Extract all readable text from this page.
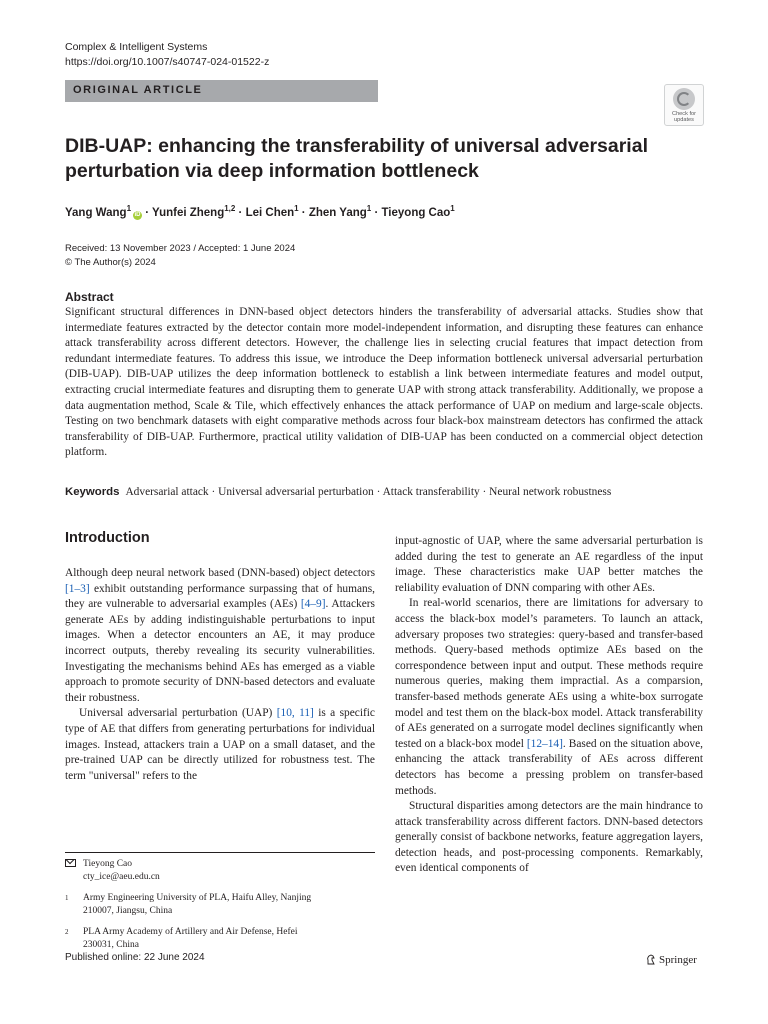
Complex & Intelligent Systems
https://doi.org/10.1007/s40747-024-01522-z
ORIGINAL ARTICLE
Check for
updates
DIB-UAP: enhancing the transferability of universal adversarial perturbation via deep information bottleneck
Yang Wang$^1$iD · Yunfei Zheng$^{1,2}$ · Lei Chen$^1$ · Zhen Yang$^1$ · Tieyong Cao$^1$
Received: 13 November 2023 / Accepted: 1 June 2024
© The Author(s) 2024
Abstract

Significant structural differences in DNN-based object detectors hinders the transferability of adversarial attacks. Studies show that intermediate features extracted by the detector contain more model-independent information, and disrupting these features can enhance attack transferability across different detectors. However, the challenge lies in selecting crucial features that impact detection from redundant intermediate features. To address this issue, we introduce the Deep information bottleneck universal adversarial perturbation (DIB-UAP). DIB-UAP utilizes the deep information bottleneck to establish a link between intermediate features and model output, extracting crucial intermediate features and disrupting them to generate UAP with strong attack transferability. Additionally, we propose a data augmentation method, Scale & Tile, which effectively enhances the attack performance of UAP on medium and large-scale objects. Testing on two benchmark datasets with eight comparative methods across four black-box mainstream detectors has confirmed the attack transferability of DIB-UAP. Furthermore, practical utility validation of DIB-UAP has been conducted on a commercial object detection platform.

Keywords Adversarial attack · Universal adversarial perturbation · Attack transferability · Neural network robustness
Introduction

Although deep neural network based (DNN-based) object detectors [1–3] exhibit outstanding performance surpassing that of humans, they are vulnerable to adversarial examples (AEs) [4–9]. Attackers generate AEs by adding indistinguishable perturbations to input images. When a detector encounters an AE, it may produce incorrect outputs, thereby revealing its security vulnerabilities. Investigating the mechanisms behind AEs has emerged as a viable approach to promote security of DNN-based detectors and evaluate their robustness.

Universal adversarial perturbation (UAP) [10, 11] is a specific type of AE that differs from generating perturbations for individual images. Instead, attackers train a UAP on a small dataset, and the pre-trained UAP can be directly utilized for robustness test. The term "universal" refers to the

input-agnostic of UAP, where the same adversarial perturbation is added during the test to generate an AE regardless of the input image. These characteristics make UAP better matches the reliability evaluation of DNN comparing with other AEs.

In real-world scenarios, there are limitations for adversary to access the black-box model’s parameters. To launch an attack, adversary proposes two strategies: query-based and transfer-based methods. Query-based methods optimize AEs based on the correspondence between input and output. These methods require numerous queries, making them impractial. As a comparsion, transfer-based methods generate AEs using a white-box surrogate model and test them on the black-box model. Attack transferability of AEs generated on a surrogate model declines significantly when tested on a black-box model [12–14]. Based on the situation above, enhancing the attack transferability of AEs across different detectors has become a pressing problem on transfer-based methods.

Structural disparities among detectors are the main hindrance to attack transferability across different factors. DNN-based detectors generally consist of backbone networks, feature aggregation layers, detection heads, and post-processing components. Remarkably, even identical components of

Tieyong Cao
cty_ice@aeu.edu.cn
$^1$ Army Engineering University of PLA, Haifu Alley, Nanjing
210007, Jiangsu, China
$^2$ PLA Army Academy of Artillery and Air Defense, Hefei
230031, China
Published online: 22 June 2024	Springer
